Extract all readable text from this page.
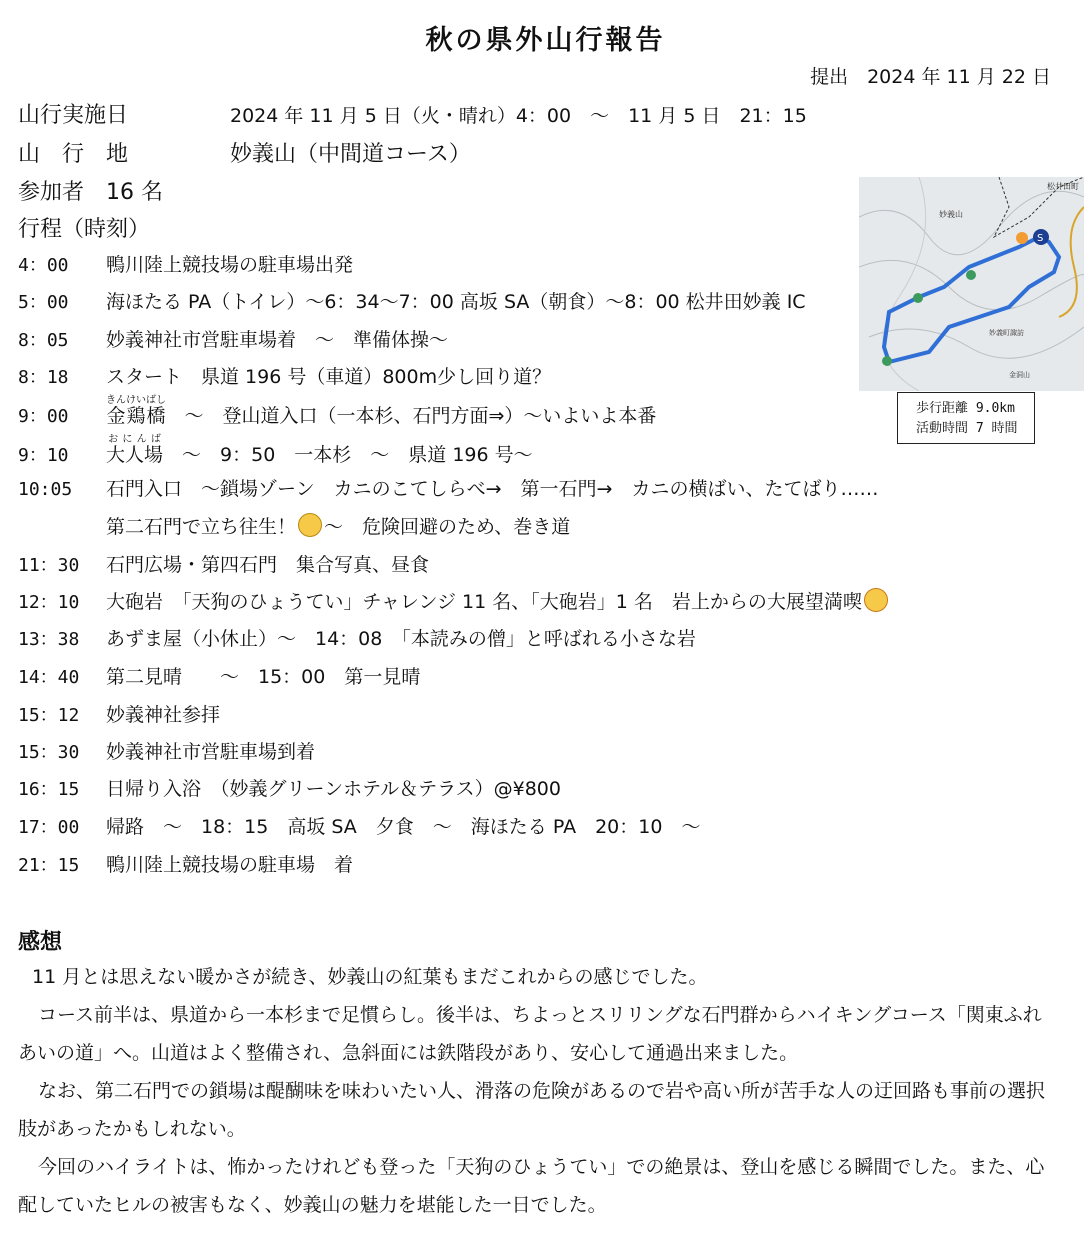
秋の県外山行報告
提出　2024 年 11 月 22 日
山行実施日	2024 年 11 月 5 日（火・晴れ）4：00　～　11 月 5 日　21：15
山　行　地	妙義山（中間道コース）
参加者　16 名
行程（時刻）
4：00 鴨川陸上競技場の駐車場出発
5：00 海ほたる PA（トイレ）～6：34～7：00 高坂 SA（朝食）～8：00 松井田妙義 IC
8：05 妙義神社市営駐車場着　～　準備体操～
8：18 スタート　県道 196 号（車道）800m少し回り道？
9：00 金鶏橋きんけいばし　～　登山道入口（一本杉、石門方面⇒）～いよいよ本番
9：10 大人場おにんば　～　9：50　一本杉　～　県道 196 号～
10:05 石門入口　～鎖場ゾーン　カニのこてしらべ→　第一石門→　カニの横ばい、たてばり……
第二石門で立ち往生！ ～　危険回避のため、巻き道
11：30 石門広場・第四石門　集合写真、昼食
12：10 大砲岩　「天狗のひょうてい」チャレンジ 11 名、「大砲岩」1 名　岩上からの大展望満喫
13：38 あずま屋（小休止）～　14：08　「本読みの僧」と呼ばれる小さな岩
14：40 第二見晴　　～　15：00　第一見晴
15：12 妙義神社参拝
15：30 妙義神社市営駐車場到着
16：15 日帰り入浴　（妙義グリーンホテル＆テラス）@¥800
17：00 帰路　～　18：15　高坂 SA　夕食　～　海ほたる PA　20：10　～
21：15 鴨川陸上競技場の駐車場　着
S
松井田町
妙義山
妙義町諏訪
金洞山
歩行距離 9.0km
活動時間 7 時間
感想
11 月とは思えない暖かさが続き、妙義山の紅葉もまだこれからの感じでした。
コース前半は、県道から一本杉まで足慣らし。後半は、ちよっとスリリングな石門群からハイキングコース「関東ふれあいの道」へ。山道はよく整備され、急斜面には鉄階段があり、安心して通過出来ました。
なお、第二石門での鎖場は醍醐味を味わいたい人、滑落の危険があるので岩や高い所が苦手な人の迂回路も事前の選択肢があったかもしれない。
今回のハイライトは、怖かったけれども登った「天狗のひょうてい」での絶景は、登山を感じる瞬間でした。また、心配していたヒルの被害もなく、妙義山の魅力を堪能した一日でした。
